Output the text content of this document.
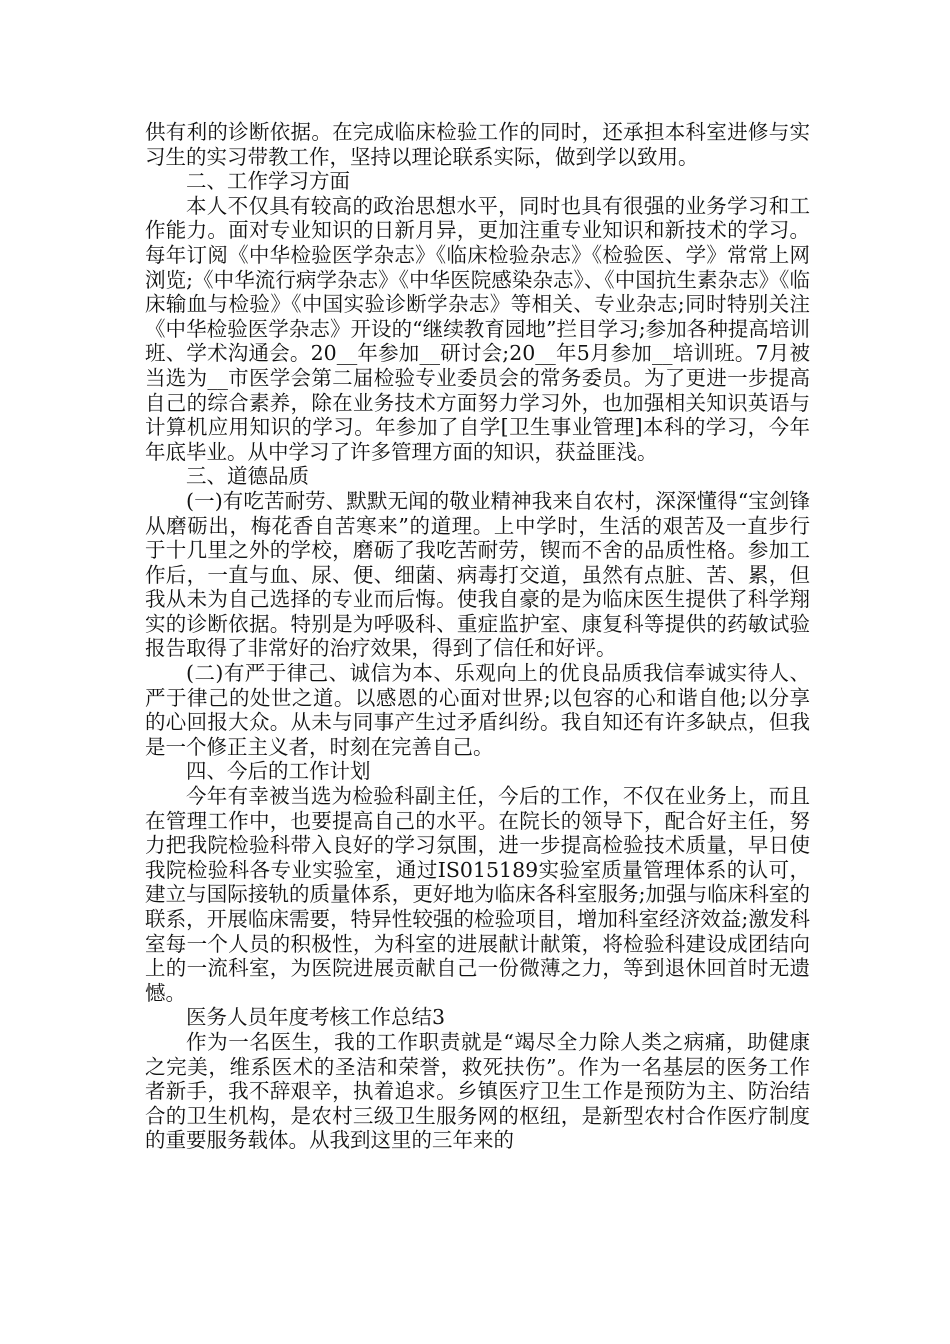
供有利的诊断依据。在完成临床检验工作的同时，还承担本科室进修与实习生的实习带教工作，坚持以理论联系实际，做到学以致用。

二、工作学习方面

本人不仅具有较高的政治思想水平，同时也具有很强的业务学习和工作能力。面对专业知识的日新月异，更加注重专业知识和新技术的学习。每年订阅《中华检验医学杂志》《临床检验杂志》《检验医、学》常常上网浏览;《中华流行病学杂志》《中华医院感染杂志》、《中国抗生素杂志》《临床输血与检验》《中国实验诊断学杂志》等相关、专业杂志;同时特别关注《中华检验医学杂志》开设的“继续教育园地”拦目学习;参加各种提高培训班、学术沟通会。20__年参加__研讨会;20__年5月参加__培训班。7月被当选为__市医学会第二届检验专业委员会的常务委员。为了更进一步提高自己的综合素养，除在业务技术方面努力学习外，也加强相关知识英语与计算机应用知识的学习。年参加了自学[卫生事业管理]本科的学习，今年年底毕业。从中学习了许多管理方面的知识，获益匪浅。

三、道德品质

(一)有吃苦耐劳、默默无闻的敬业精神我来自农村，深深懂得“宝剑锋从磨砺出，梅花香自苦寒来”的道理。上中学时，生活的艰苦及一直步行于十几里之外的学校，磨砺了我吃苦耐劳，锲而不舍的品质性格。参加工作后，一直与血、尿、便、细菌、病毒打交道，虽然有点脏、苦、累，但我从未为自己选择的专业而后悔。使我自豪的是为临床医生提供了科学翔实的诊断依据。特别是为呼吸科、重症监护室、康复科等提供的药敏试验报告取得了非常好的治疗效果，得到了信任和好评。

(二)有严于律己、诚信为本、乐观向上的优良品质我信奉诚实待人、严于律己的处世之道。以感恩的心面对世界;以包容的心和谐自他;以分享的心回报大众。从未与同事产生过矛盾纠纷。我自知还有许多缺点，但我是一个修正主义者，时刻在完善自己。

四、今后的工作计划

今年有幸被当选为检验科副主任，今后的工作，不仅在业务上，而且在管理工作中，也要提高自己的水平。在院长的领导下，配合好主任，努力把我院检验科带入良好的学习氛围，进一步提高检验技术质量，早日使我院检验科各专业实验室，通过IS015189实验室质量管理体系的认可，建立与国际接轨的质量体系，更好地为临床各科室服务;加强与临床科室的联系，开展临床需要，特异性较强的检验项目，增加科室经济效益;激发科室每一个人员的积极性，为科室的进展献计献策，将检验科建设成团结向上的一流科室，为医院进展贡献自己一份微薄之力，等到退休回首时无遗憾。

医务人员年度考核工作总结3

作为一名医生，我的工作职责就是“竭尽全力除人类之病痛，助健康之完美，维系医术的圣洁和荣誉，救死扶伤”。作为一名基层的医务工作者新手，我不辞艰辛，执着追求。乡镇医疗卫生工作是预防为主、防治结合的卫生机构，是农村三级卫生服务网的枢纽，是新型农村合作医疗制度的重要服务载体。从我到这里的三年来的
